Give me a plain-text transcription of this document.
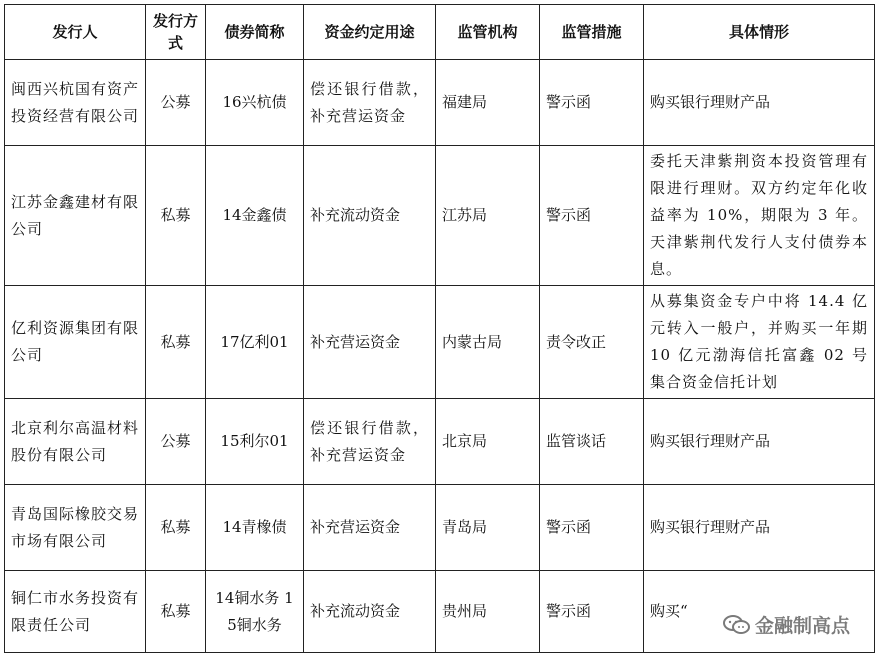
发行人	发行方式	债券简称	资金约定用途	监管机构	监管措施	具体情形
闽西兴杭国有资产投资经营有限公司	公募	16兴杭债	偿还银行借款，补充营运资金	福建局	警示函	购买银行理财产品
江苏金鑫建材有限公司	私募	14金鑫债	补充流动资金	江苏局	警示函	委托天津紫荆资本投资管理有限进行理财。双方约定年化收益率为 10%，期限为 3 年。天津紫荆代发行人支付债券本息。
亿利资源集团有限公司	私募	17亿利01	补充营运资金	内蒙古局	责令改正	从募集资金专户中将 14.4 亿元转入一般户，并购买一年期 10 亿元渤海信托富鑫 02 号集合资金信托计划
北京利尔高温材料股份有限公司	公募	15利尔01	偿还银行借款，补充营运资金	北京局	监管谈话	购买银行理财产品
青岛国际橡胶交易市场有限公司	私募	14青橡债	补充营运资金	青岛局	警示函	购买银行理财产品
铜仁市水务投资有限责任公司	私募	14铜水务 15铜水务	补充流动资金	贵州局	警示函	购买“
金融制高点
